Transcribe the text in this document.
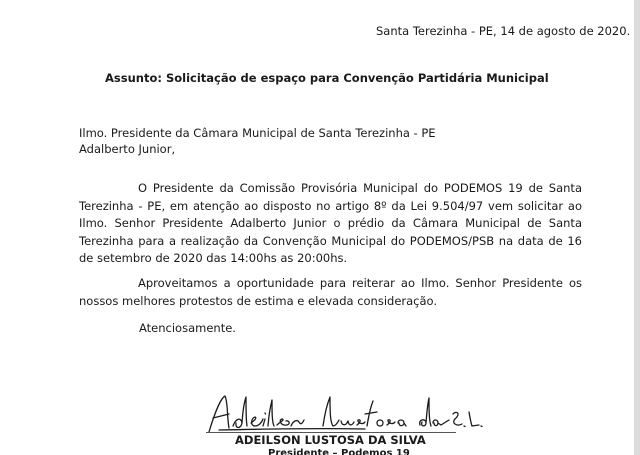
Santa Terezinha - PE, 14 de agosto de 2020.
Assunto: Solicitação de espaço para Convenção Partidária Municipal
Ilmo. Presidente da Câmara Municipal de Santa Terezinha - PE
Adalberto Junior,
O Presidente da Comissão Provisória Municipal do PODEMOS 19 de Santa Terezinha - PE, em atenção ao disposto no artigo 8º da Lei 9.504/97 vem solicitar ao Ilmo. Senhor Presidente Adalberto Junior o prédio da Câmara Municipal de Santa Terezinha para a realização da Convenção Municipal do PODEMOS/PSB na data de 16 de setembro de 2020 das 14:00hs as 20:00hs.
Aproveitamos a oportunidade para reiterar ao Ilmo. Senhor Presidente os nossos melhores protestos de estima e elevada consideração.
Atenciosamente.
ADEILSON LUSTOSA DA SILVA
Presidente – Podemos 19
